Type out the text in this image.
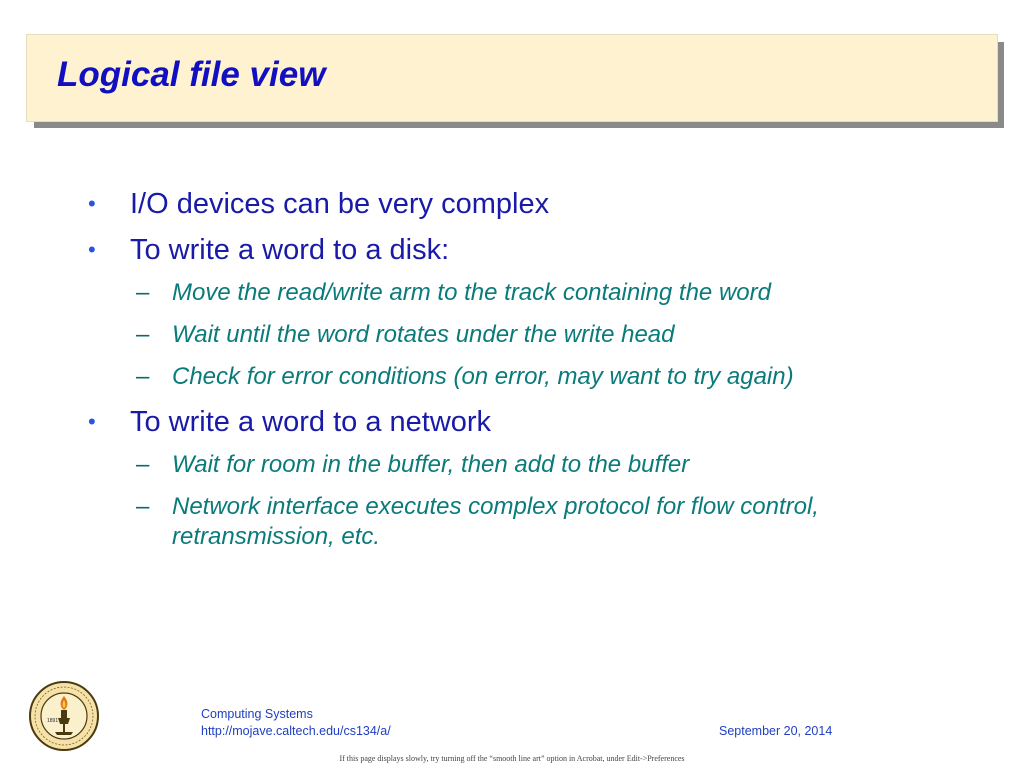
Logical file view
•	I/O devices can be very complex
•	To write a word to a disk:
– Move the read/write arm to the track containing the word
– Wait until the word rotates under the write head
– Check for error conditions (on error, may want to try again)
•	To write a word to a network
– Wait for room in the buffer, then add to the buffer
– Network interface executes complex protocol for flow control, retransmission, etc.
1891	Computing Systems
http://mojave.caltech.edu/cs134/a/	September 20, 2014
If this page displays slowly, try turning off the “smooth line art” option in Acrobat, under Edit->Preferences
